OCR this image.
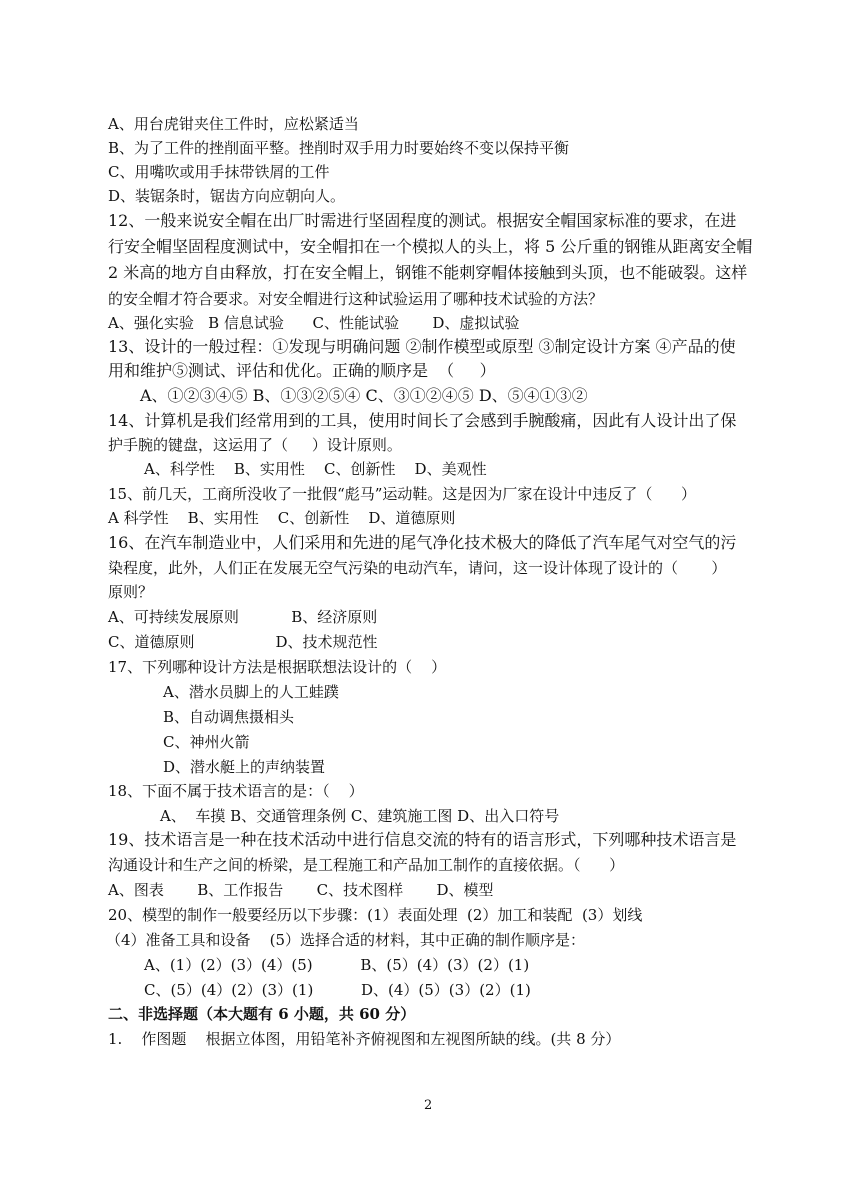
A、用台虎钳夹住工件时，应松紧适当
B、为了工件的挫削面平整。挫削时双手用力时要始终不变以保持平衡
C、用嘴吹或用手抹带铁屑的工件
D、装锯条时，锯齿方向应朝向人。
12、一般来说安全帽在出厂时需进行坚固程度的测试。根据安全帽国家标准的要求，在进
行安全帽坚固程度测试中，安全帽扣在一个模拟人的头上，将 5 公斤重的钢锥从距离安全帽
2 米高的地方自由释放，打在安全帽上，钢锥不能刺穿帽体接触到头顶，也不能破裂。这样
的安全帽才符合要求。对安全帽进行这种试验运用了哪种技术试验的方法？
A、强化实验   B 信息试验      C、性能试验       D、虚拟试验
13、设计的一般过程：①发现与明确问题 ②制作模型或原型 ③制定设计方案 ④产品的使
用和维护⑤测试、评估和优化。正确的顺序是  （     ）
A、①②③④⑤ B、①③②⑤④ C、③①②④⑤ D、⑤④①③②
14、计算机是我们经常用到的工具，使用时间长了会感到手腕酸痛，因此有人设计出了保
护手腕的键盘，这运用了（     ）设计原则。
A、科学性    B、实用性    C、创新性    D、美观性
15、前几天，工商所没收了一批假“彪马”运动鞋。这是因为厂家在设计中违反了（      ）
A 科学性    B、实用性    C、创新性    D、道德原则
16、在汽车制造业中，人们采用和先进的尾气净化技术极大的降低了汽车尾气对空气的污
染程度，此外，人们正在发展无空气污染的电动汽车，请问，这一设计体现了设计的（       ）
原则？
A、可持续发展原则           B、经济原则
C、道德原则                 D、技术规范性
17、下列哪种设计方法是根据联想法设计的（    ）
A、潜水员脚上的人工蛙蹼
B、自动调焦摄相头
C、神州火箭
D、潜水艇上的声纳装置
18、下面不属于技术语言的是：（    ）
A、  车摸 B、交通管理条例 C、建筑施工图 D、出入口符号
19、技术语言是一种在技术活动中进行信息交流的特有的语言形式，下列哪种技术语言是
沟通设计和生产之间的桥梁，是工程施工和产品加工制作的直接依据。（      ）
A、图表       B、工作报告       C、技术图样       D、模型
20、模型的制作一般要经历以下步骤：(1）表面处理  (2）加工和装配  (3）划线
（4）准备工具和设备    (5）选择合适的材料，其中正确的制作顺序是：
A、(1）(2）(3）(4）(5)          B、(5）(4）(3）(2）(1)
C、(5）(4）(2）(3）(1)          D、(4）(5）(3）(2）(1)
二、非选择题（本大题有 6 小题，共 60 分）
1.    作图题    根据立体图，用铅笔补齐俯视图和左视图所缺的线。(共 8 分）
2
